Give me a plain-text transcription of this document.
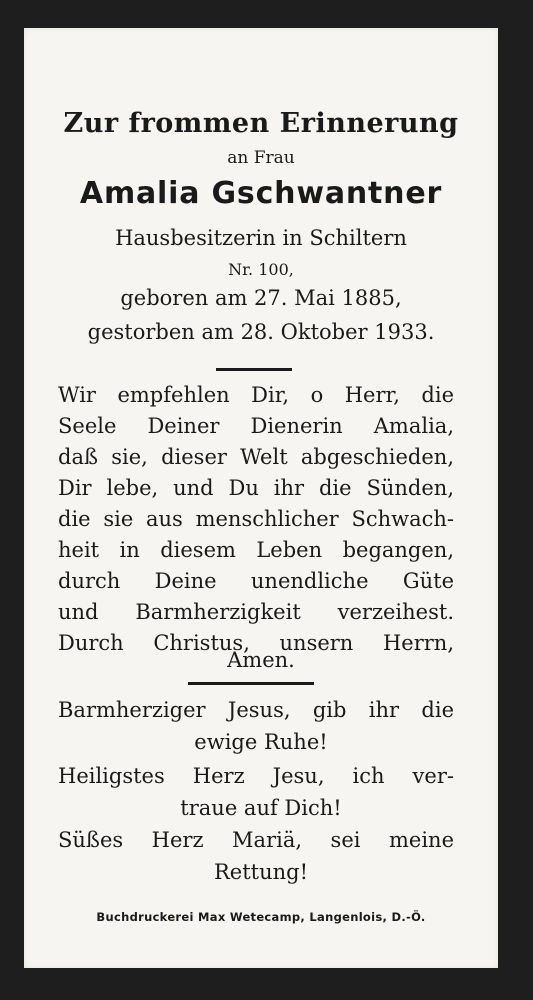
Zur frommen Erinnerung
an Frau
Amalia Gschwantner
Hausbesitzerin in Schiltern
Nr. 100,
geboren am 27. Mai 1885,
gestorben am 28. Oktober 1933.
Wir empfehlen Dir, o Herr, die
Seele Deiner Dienerin Amalia,
daß sie, dieser Welt abgeschieden,
Dir lebe, und Du ihr die Sünden,
die sie aus menschlicher Schwach-
heit in diesem Leben begangen,
durch Deine unendliche Güte
und Barmherzigkeit verzeihest.
Durch Christus, unsern Herrn,
Amen.
Barmherziger Jesus, gib ihr die
ewige Ruhe!
Heiligstes Herz Jesu, ich ver-
traue auf Dich!
Süßes Herz Mariä, sei meine
Rettung!
Buchdruckerei Max Wetecamp, Langenlois, D.-Ö.
